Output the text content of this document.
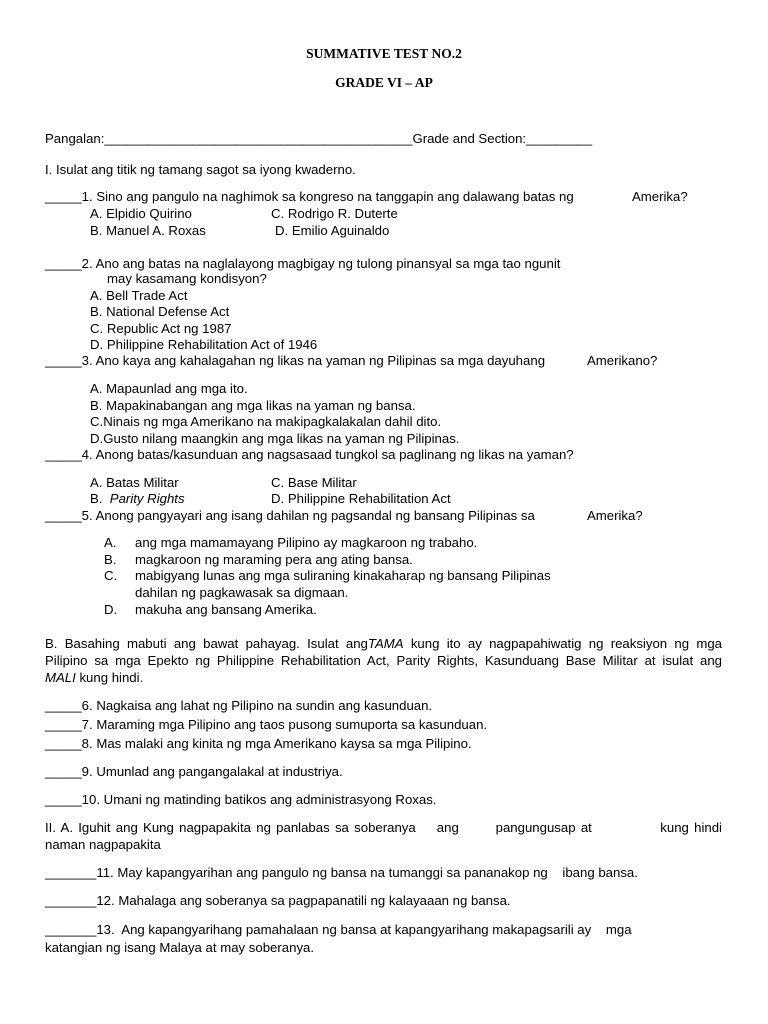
SUMMATIVE TEST NO.2
GRADE VI – AP
Pangalan:__________________________________________Grade and Section:_________
I. Isulat ang titik ng tamang sagot sa iyong kwaderno.
_____1. Sino ang pangulo na naghimok sa kongreso na tanggapin ang dalawang batas ng	Amerika?
A. Elpidio Quirino	C. Rodrigo R. Duterte
B. Manuel A. Roxas	D. Emilio Aguinaldo
_____2. Ano ang batas na naglalayong magbigay ng tulong pinansyal sa mga tao ngunit
may kasamang kondisyon?
A. Bell Trade Act
B. National Defense Act
C. Republic Act ng 1987
D. Philippine Rehabilitation Act of 1946
_____3. Ano kaya ang kahalagahan ng likas na yaman ng Pilipinas sa mga dayuhang	Amerikano?
A. Mapaunlad ang mga ito.
B. Mapakinabangan ang mga likas na yaman ng bansa.
C.Ninais ng mga Amerikano na makipagkalakalan dahil dito.
D.Gusto nilang maangkin ang mga likas na yaman ng Pilipinas.
_____4. Anong batas/kasunduan ang nagsasaad tungkol sa paglinang ng likas na yaman?
A. Batas Militar	C. Base Militar
B. Parity Rights	D. Philippine Rehabilitation Act
_____5. Anong pangyayari ang isang dahilan ng pagsandal ng bansang Pilipinas sa	Amerika?
A. ang mga mamamayang Pilipino ay magkaroon ng trabaho.
B. magkaroon ng maraming pera ang ating bansa.
C. mabigyang lunas ang mga suliraning kinakaharap ng bansang Pilipinas
dahilan ng pagkawasak sa digmaan.
D. makuha ang bansang Amerika.
B. Basahing mabuti ang bawat pahayag. Isulat angTAMA kung ito ay nagpapahiwatig ng reaksiyon ng mga
Pilipino sa mga Epekto ng Philippine Rehabilitation Act, Parity Rights, Kasunduang Base Militar at isulat ang
MALI kung hindi.
_____6. Nagkaisa ang lahat ng Pilipino na sundin ang kasunduan.
_____7. Maraming mga Pilipino ang taos pusong sumuporta sa kasunduan.
_____8. Mas malaki ang kinita ng mga Amerikano kaysa sa mga Pilipino.
_____9. Umunlad ang pangangalakal at industriya.
_____10. Umani ng matinding batikos ang administrasyong Roxas.
II. A. Iguhit ang Kung nagpapakita ng panlabas sa soberanya    ang       pangungusap at             kung hindi
naman nagpapakita
_______11. May kapangyarihan ang pangulo ng bansa na tumanggi sa pananakop ng    ibang bansa.
_______12. Mahalaga ang soberanya sa pagpapanatili ng kalayaaan ng bansa.
_______13.  Ang kapangyarihang pamahalaan ng bansa at kapangyarihang makapagsarili ay    mga
katangian ng isang Malaya at may soberanya.
